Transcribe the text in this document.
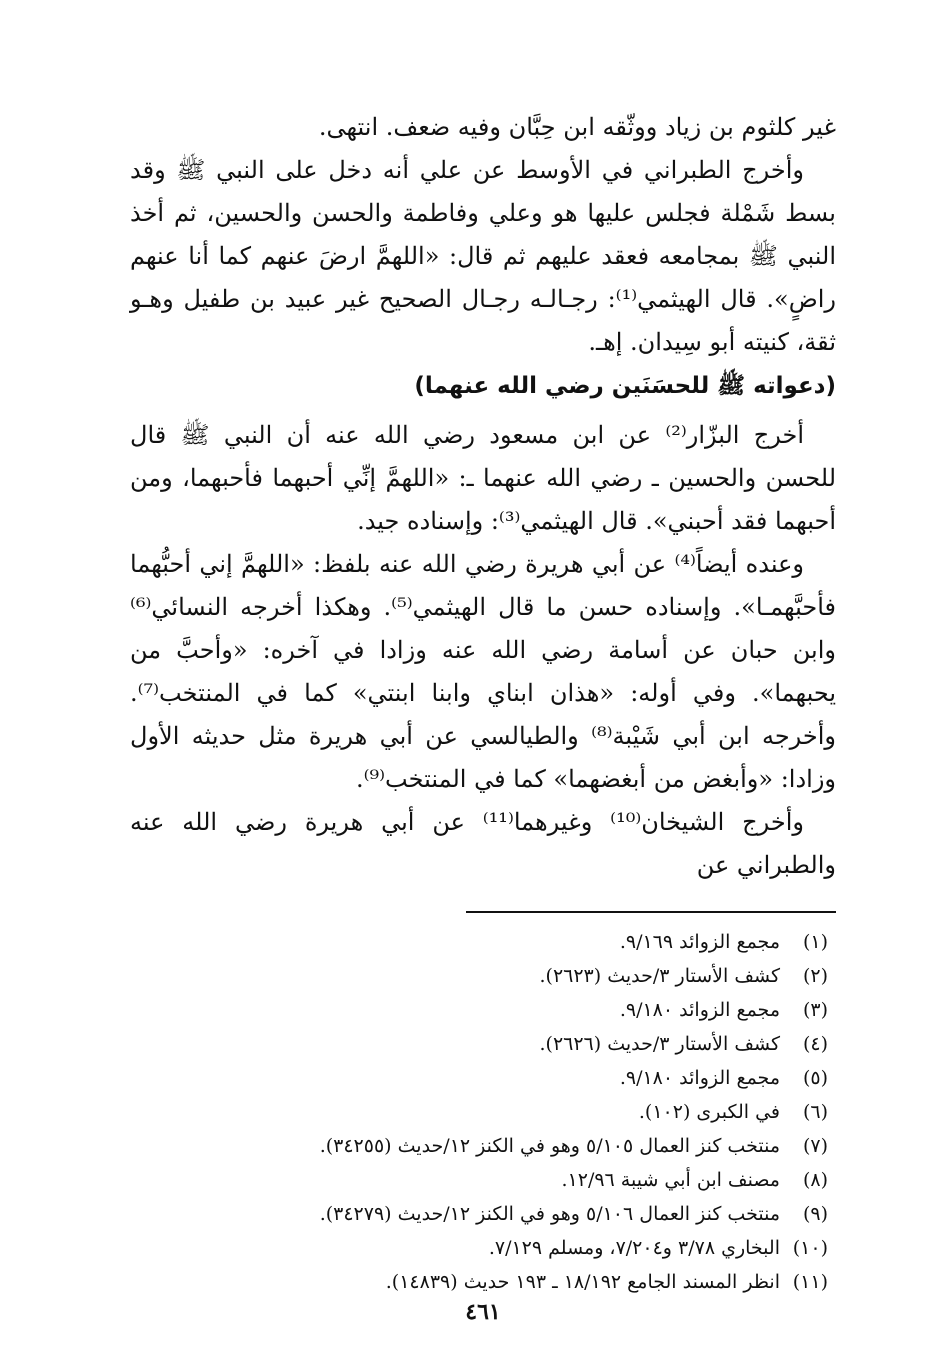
غير كلثوم بن زياد ووثّقه ابن حِبَّان وفيه ضعف. انتهى.

وأخرج الطبراني في الأوسط عن علي أنه دخل على النبي ﷺ وقد بسط شَمْلة فجلس عليها هو وعلي وفاطمة والحسن والحسين، ثم أخذ النبي ﷺ بمجامعه فعقد عليهم ثم قال: «اللهمَّ ارضَ عنهم كما أنا عنهم راضٍ». قال الهيثمي⁽¹⁾: رجـالـه رجـال الصحيح غير عبيد بن طفيل وهـو ثقة، كنيته أبو سِيدان. إهـ.

(دعواته ﷺ للحسَنَين رضي الله عنهما)

أخرج البزّار⁽²⁾ عن ابن مسعود رضي الله عنه أن النبي ﷺ قال للحسن والحسين ـ رضي الله عنهما ـ: «اللهمَّ إنِّي أحبهما فأحبهما، ومن أحبهما فقد أحبني». قال الهيثمي⁽³⁾: وإسناده جيد.

وعنده أيضاً⁽⁴⁾ عن أبي هريرة رضي الله عنه بلفظ: «اللهمَّ إني أحبُّهما فأحبَّهمـا». وإسناده حسن ما قال الهيثمي⁽⁵⁾. وهكذا أخرجه النسائي⁽⁶⁾ وابن حبان عن أسامة رضي الله عنه وزادا في آخره: «وأحبَّ من يحبهما». وفي أوله: «هذان ابناي وابنا ابنتي» كما في المنتخب⁽⁷⁾. وأخرجه ابن أبي شَيْبة⁽⁸⁾ والطيالسي عن أبي هريرة مثل حديثه الأول وزادا: «وأبغض من أبغضهما» كما في المنتخب⁽⁹⁾.

وأخرج الشيخان⁽¹⁰⁾ وغيرهما⁽¹¹⁾ عن أبي هريرة رضي الله عنه والطبراني عن

(١)
مجمع الزوائد ٩/١٦٩.
(٢)
كشف الأستار ٣/حديث (٢٦٢٣).
(٣)
مجمع الزوائد ٩/١٨٠.
(٤)
كشف الأستار ٣/حديث (٢٦٢٦).
(٥)
مجمع الزوائد ٩/١٨٠.
(٦)
في الكبرى (١٠٢).
(٧)
منتخب كنز العمال ٥/١٠٥ وهو في الكنز ١٢/حديث (٣٤٢٥٥).
(٨)
مصنف ابن أبي شيبة ١٢/٩٦.
(٩)
منتخب كنز العمال ٥/١٠٦ وهو في الكنز ١٢/حديث (٣٤٢٧٩).
(١٠)
البخاري ٣/٧٨ و٧/٢٠٤، ومسلم ٧/١٢٩.
(١١)
انظر المسند الجامع ١٨/١٩٢ ـ ١٩٣ حديث (١٤٨٣٩).
٤٦١
